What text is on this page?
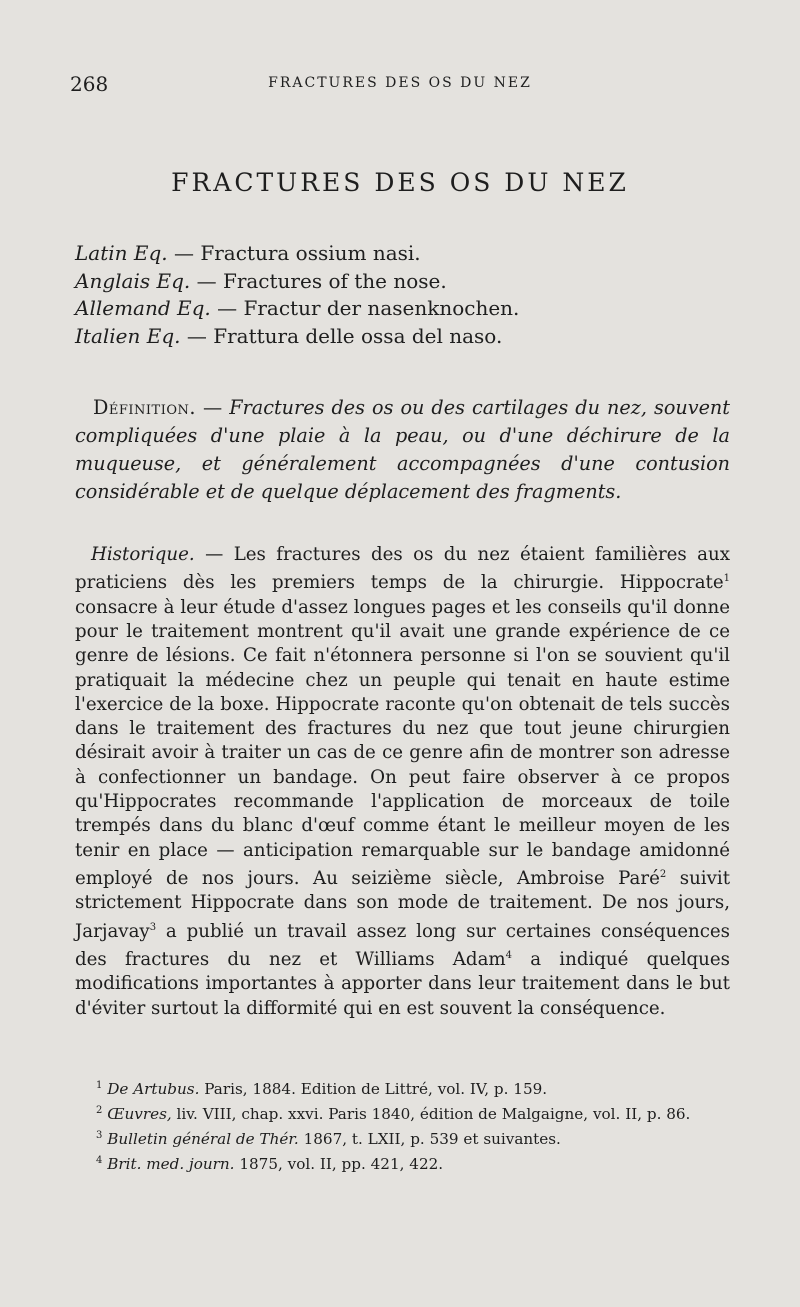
268	FRACTURES DES OS DU NEZ
FRACTURES DES OS DU NEZ
Latin Eq. — Fractura ossium nasi.
Anglais Eq. — Fractures of the nose.
Allemand Eq. — Fractur der nasenknochen.
Italien Eq. — Frattura delle ossa del naso.

Définition. — Fractures des os ou des cartilages du nez, souvent compliquées d'une plaie à la peau, ou d'une déchirure de la muqueuse, et généralement accompagnées d'une contusion considérable et de quelque déplacement des fragments.

Historique. — Les fractures des os du nez étaient familières aux praticiens dès les premiers temps de la chirurgie. Hippocrate$^1$ consacre à leur étude d'assez longues pages et les conseils qu'il donne pour le traitement montrent qu'il avait une grande expérience de ce genre de lésions. Ce fait n'étonnera personne si l'on se souvient qu'il pratiquait la médecine chez un peuple qui tenait en haute estime l'exercice de la boxe. Hippocrate raconte qu'on obtenait de tels succès dans le traitement des fractures du nez que tout jeune chirurgien désirait avoir à traiter un cas de ce genre afin de montrer son adresse à confectionner un bandage. On peut faire observer à ce propos qu'Hippocrates recommande l'application de morceaux de toile trempés dans du blanc d'œuf comme étant le meilleur moyen de les tenir en place — anticipation remarquable sur le bandage amidonné employé de nos jours. Au seizième siècle, Ambroise Paré$^2$ suivit strictement Hippocrate dans son mode de traitement. De nos jours, Jarjavay$^3$ a publié un travail assez long sur certaines conséquences des fractures du nez et Williams Adam$^4$ a indiqué quelques modifications importantes à apporter dans leur traitement dans le but d'éviter surtout la difformité qui en est souvent la conséquence.

$^1$ De Artubus. Paris, 1884. Edition de Littré, vol. IV, p. 159.
$^2$ Œuvres, liv. VIII, chap. xxvi. Paris 1840, édition de Malgaigne, vol. II, p. 86.
$^3$ Bulletin général de Thér. 1867, t. LXII, p. 539 et suivantes.
$^4$ Brit. med. journ. 1875, vol. II, pp. 421, 422.
